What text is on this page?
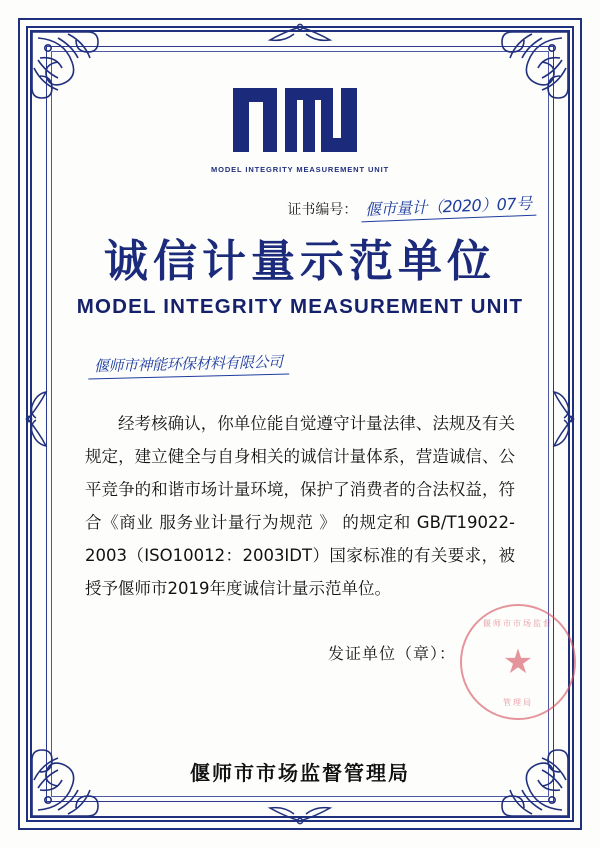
MODEL INTEGRITY MEASUREMENT UNIT
证书编号： 偃市量计（2020）07号
诚信计量示范单位
MODEL INTEGRITY MEASUREMENT UNIT
偃师市神能环保材料有限公司
经考核确认，你单位能自觉遵守计量法律、法规及有关规定，建立健全与自身相关的诚信计量体系，营造诚信、公平竞争的和谐市场计量环境，保护了消费者的合法权益，符合《商业 服务业计量行为规范 》 的规定和 GB/T19022-2003（ISO10012：2003IDT）国家标准的有关要求，被授予偃师市2019年度诚信计量示范单位。
发证单位（章）：
偃师市市场监督
★
管理局
偃师市市场监督管理局
